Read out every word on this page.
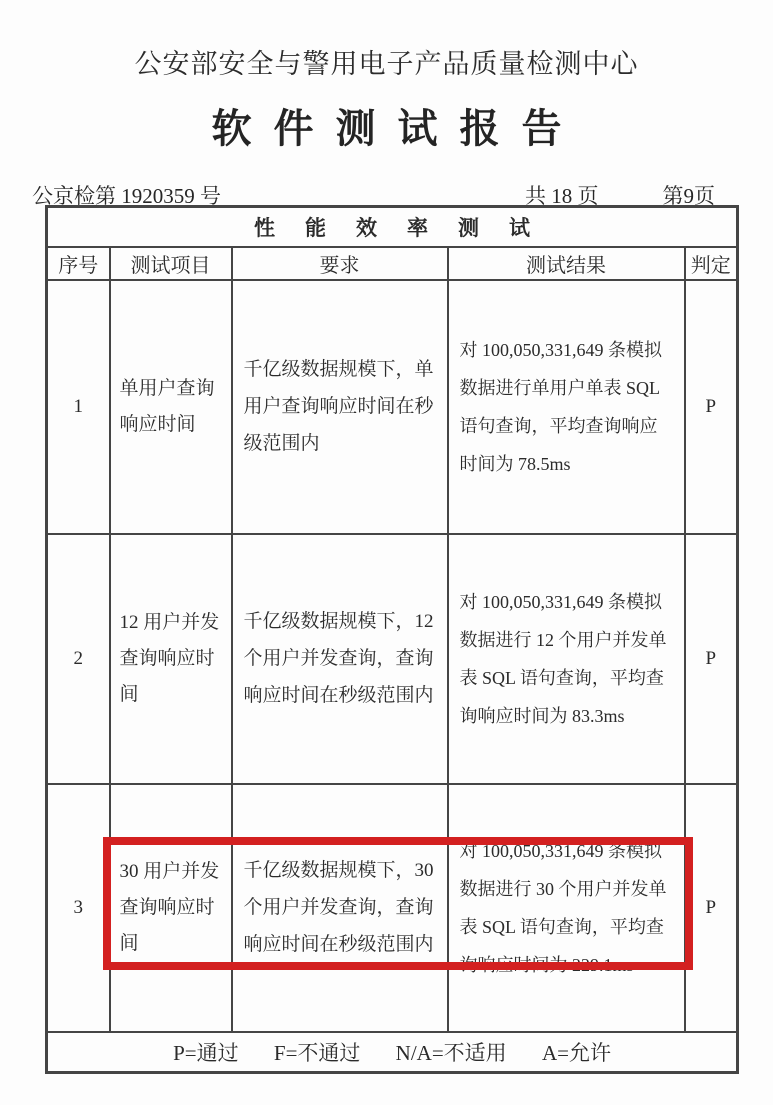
公安部安全与警用电子产品质量检测中心
软件测试报告
公京检第 1920359 号	共 18 页	第9页
性能效率测试				
序号	测试项目	要求	测试结果	判定
1	单用户查询响应时间	千亿级数据规模下，单用户查询响应时间在秒级范围内	对 100,050,331,649 条模拟数据进行单用户单表 SQL 语句查询，平均查询响应时间为 78.5ms	P
2	12 用户并发查询响应时间	千亿级数据规模下，12 个用户并发查询，查询响应时间在秒级范围内	对 100,050,331,649 条模拟数据进行 12 个用户并发单表 SQL 语句查询，平均查询响应时间为 83.3ms	P
3	30 用户并发查询响应时间	千亿级数据规模下，30 个用户并发查询，查询响应时间在秒级范围内	对 100,050,331,649 条模拟数据进行 30 个用户并发单表 SQL 语句查询，平均查询响应时间为 229.1ms	P
P=通过 F=不通过 N/A=不适用 A=允许				
